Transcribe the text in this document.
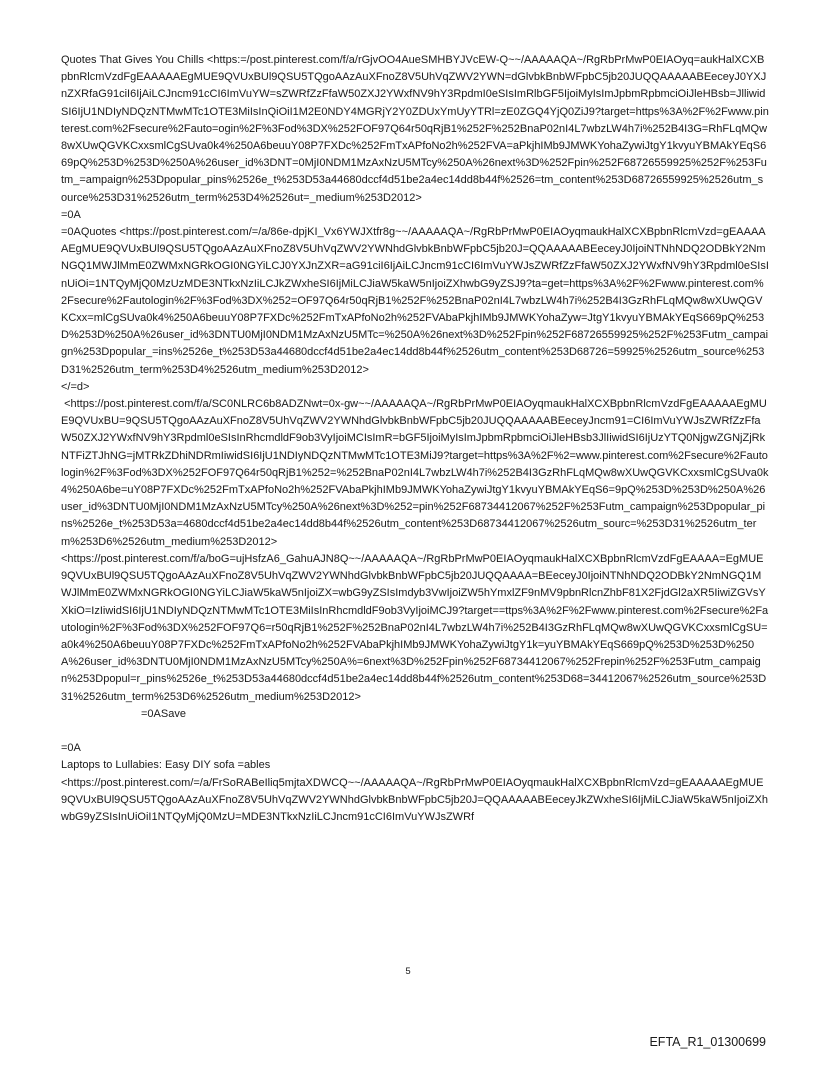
Quotes That Gives You Chills <https:=/post.pinterest.com/f/a/rGjvOO4AueSMHBYJVcEW-Q~~/AAAAAQA~/RgRbPrMwP0EIAOyq=aukHalXCXBpbnRlcmVzdFgEAAAAAEgMUE9QVUxBUl9QSU5TQgoAAzAuXFnoZ8V5UhVqZWV2YWN=dGlvbkBnbWFpbC5jb20JUQQAAAAABEeceyJ0YXJnZXRfaG91ciI6IjAiLCJncm91cCI6ImVuYW=sZWRfZzFfaW50ZXJ2YWxfNV9hY3RpdmI0eSIsImRlbGF5IjoiMyIsImJpbmRpbmciOiJleHBsb=JlliwidSI6IjU1NDIyNDQzNTMwMTc1OTE3MiIsInQiOiI1M2E0NDY4MGRjY2Y0ZDUxYmUyYTRl=zE0ZGQ4YjQ0ZiJ9?target=https%3A%2F%2Fwww.pinterest.com%2Fsecure%2Fauto=ogin%2F%3Fod%3DX%252FOF97Q64r50qRjB1%252F%252BnaP02nI4L7wbzLW4h7i%252B4I3G=RhFLqMQw8wXUwQGVKCxxsmlCgSUva0k4%250A6beuuY08P7FXDc%252FmTxAPfoNo2h%252FVA=aPkjhIMb9JMWKYohaZywiJtgY1kvyuYBMAkYEqS669pQ%253D%253D%250A%26user_id%3DNT=0MjI0NDM1MzAxNzU5MTcy%250A%26next%3D%252Fpin%252F68726559925%252F%253Futm_=ampaign%253Dpopular_pins%2526e_t%253D53a44680dccf4d51be2a4ec14dd8b44f%2526=tm_content%253D68726559925%2526utm_source%253D31%2526utm_term%253D4%2526ut=_medium%253D2012>
=0A
=0AQuotes <https://post.pinterest.com/=/a/86e-dpjKI_Vx6YWJXtfr8g~~/AAAAAQA~/RgRbPrMwP0EIAOyqmaukHalXCXBpbnRlcmVzd=gEAAAAAEgMUE9QVUxBUl9QSU5TQgoAAzAuXFnoZ8V5UhVqZWV2YWNhdGlvbkBnbWFpbC5jb20J=QQAAAAABEeceyJ0IjoiNTNhNDQ2ODBkY2NmNGQ1MWJlMmE0ZWMxNGRkOGI0NGYiLCJ0YXJnZXR=aG91ciI6IjAiLCJncm91cCI6ImVuYWJsZWRfZzFfaW50ZXJ2YWxfNV9hY3Rpdml0eSIsInUiOi=1NTQyMjQ0MzUzMDE3NTkxNzIiLCJkZWxheSI6IjMiLCJiaW5kaW5nIjoiZXhwbG9yZSJ9?ta=get=https%3A%2F%2Fwww.pinterest.com%2Fsecure%2Fautologin%2F%3Fod%3DX%252=OF97Q64r50qRjB1%252F%252BnaP02nI4L7wbzLW4h7i%252B4I3GzRhFLqMQw8wXUwQGVKCxx=mlCgSUva0k4%250A6beuuY08P7FXDc%252FmTxAPfoNo2h%252FVAbaPkjhIMb9JMWKYohaZyw=JtgY1kvyuYBMAkYEqS669pQ%253D%253D%250A%26user_id%3DNTU0MjI0NDM1MzAxNzU5MTc=%250A%26next%3D%252Fpin%252F68726559925%252F%253Futm_campaign%253Dpopular_=ins%2526e_t%253D53a44680dccf4d51be2a4ec14dd8b44f%2526utm_content%253D68726=59925%2526utm_source%253D31%2526utm_term%253D4%2526utm_medium%253D2012>
</=d>
<https://post.pinterest.com/f/a/SC0NLRC6b8ADZNwt=0x-gw~~/AAAAAQA~/RgRbPrMwP0EIAOyqmaukHalXCXBpbnRlcmVzdFgEAAAAAEgMUE9QVUxBU=9QSU5TQgoAAzAuXFnoZ8V5UhVqZWV2YWNhdGlvbkBnbWFpbC5jb20JUQQAAAAABEeceyJncm91=CI6ImVuYWJsZWRfZzFfaW50ZXJ2YWxfNV9hY3Rpdml0eSIsInRhcmdldF9ob3VyIjoiMCIsImR=bGF5IjoiMyIsImJpbmRpbmciOiJleHBsb3JlIiwidSI6IjUzYTQ0NjgwZGNjZjRkNTFiZTJhNG=jMTRkZDhiNDRmIiwidSI6IjU1NDIyNDQzNTMwMTc1OTE3MiJ9?target=https%3A%2F%2=www.pinterest.com%2Fsecure%2Fautologin%2F%3Fod%3DX%252FOF97Q64r50qRjB1%252=%252BnaP02nI4L7wbzLW4h7i%252B4I3GzRhFLqMQw8wXUwQGVKCxxsmlCgSUva0k4%250A6be=uY08P7FXDc%252FmTxAPfoNo2h%252FVAbaPkjhIMb9JMWKYohaZywiJtgY1kvyuYBMAkYEqS6=9pQ%253D%253D%250A%26user_id%3DNTU0MjI0NDM1MzAxNzU5MTcy%250A%26next%3D%252=pin%252F68734412067%252F%253Futm_campaign%253Dpopular_pins%2526e_t%253D53a=4680dccf4d51be2a4ec14dd8b44f%2526utm_content%253D68734412067%2526utm_sourc=%253D31%2526utm_term%253D6%2526utm_medium%253D2012>
<https://post.pinterest.com/f/a/boG=ujHsfzA6_GahuAJN8Q~~/AAAAAQA~/RgRbPrMwP0EIAOyqmaukHalXCXBpbnRlcmVzdFgEAAAA=EgMUE9QVUxBUl9QSU5TQgoAAzAuXFnoZ8V5UhVqZWV2YWNhdGlvbkBnbWFpbC5jb20JUQQAAAA=BEeceyJ0IjoiNTNhNDQ2ODBkY2NmNGQ1MWJlMmE0ZWMxNGRkOGI0NGYiLCJiaW5kaW5nIjoiZX=wbG9yZSIsImdyb3VwIjoiZW5hYmxlZF9nMV9pbnRlcnZhbF81X2FjdGl2aXR5IiwiZGVsYXkiO=IzIiwidSI6IjU1NDIyNDQzNTMwMTc1OTE3MiIsInRhcmdldF9ob3VyIjoiMCJ9?target==ttps%3A%2F%2Fwww.pinterest.com%2Fsecure%2Fautologin%2F%3Fod%3DX%252FOF97Q6=r50qRjB1%252F%252BnaP02nI4L7wbzLW4h7i%252B4I3GzRhFLqMQw8wXUwQGVKCxxsmlCgSU=a0k4%250A6beuuY08P7FXDc%252FmTxAPfoNo2h%252FVAbaPkjhIMb9JMWKYohaZywiJtgY1k=yuYBMAkYEqS669pQ%253D%253D%250A%26user_id%3DNTU0MjI0NDM1MzAxNzU5MTcy%250A%=6next%3D%252Fpin%252F68734412067%252Frepin%252F%253Futm_campaign%253Dpopul=r_pins%2526e_t%253D53a44680dccf4d51be2a4ec14dd8b44f%2526utm_content%253D68=34412067%2526utm_source%253D31%2526utm_term%253D6%2526utm_medium%253D2012>
=0ASave
=0A
Laptops to Lullabies: Easy DIY sofa =ables
<https://post.pinterest.com/=/a/FrSoRABeIliq5mjtaXDWCQ~~/AAAAAQA~/RgRbPrMwP0EIAOyqmaukHalXCXBpbnRlcmVzd=gEAAAAAEgMUE9QVUxBUl9QSU5TQgoAAzAuXFnoZ8V5UhVqZWV2YWNhdGlvbkBnbWFpbC5jb20J=QQAAAAABEeceyJkZWxheSI6IjMiLCJiaW5kaW5nIjoiZXhwbG9yZSIsInUiOiI1NTQyMjQ0MzU=MDE3NTkxNzIiLCJncm91cCI6ImVuYWJsZWRf
5
EFTA_R1_01300699
